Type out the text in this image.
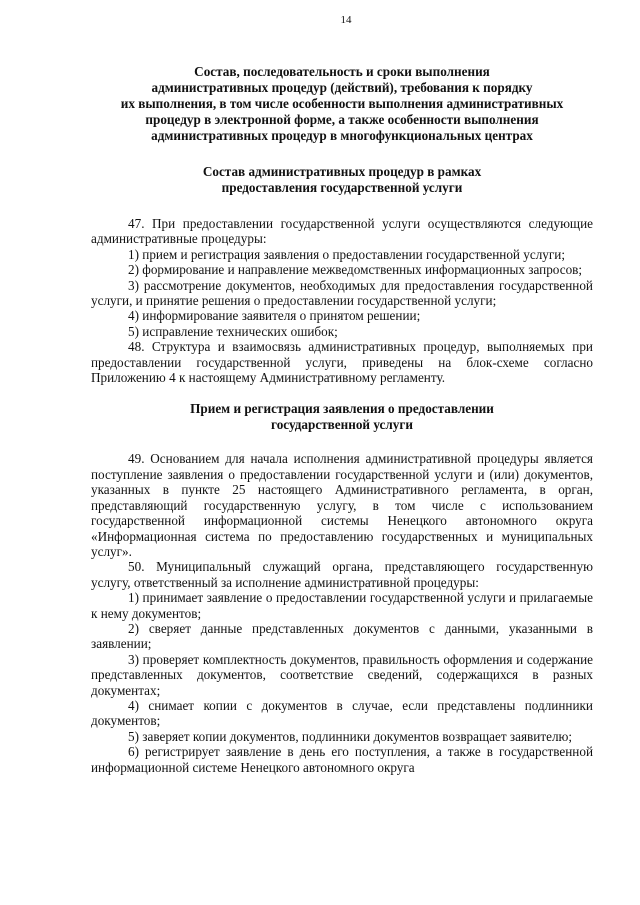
14
Состав, последовательность и сроки выполнения
административных процедур (действий), требования к порядку
их выполнения, в том числе особенности выполнения административных
процедур в электронной форме, а также особенности выполнения
административных процедур в многофункциональных центрах
Состав административных процедур в рамках
предоставления государственной услуги

47. При предоставлении государственной услуги осуществляются следующие административные процедуры:

1) прием и регистрация заявления о предоставлении государственной услуги;

2) формирование и направление межведомственных информационных запросов;

3) рассмотрение документов, необходимых для предоставления государственной услуги, и принятие решения о предоставлении государственной услуги;

4) информирование заявителя о принятом решении;

5) исправление технических ошибок;

48. Структура и взаимосвязь административных процедур, выполняемых при предоставлении государственной услуги, приведены на блок-схеме согласно Приложению 4 к настоящему Административному регламенту.

Прием и регистрация заявления о предоставлении
государственной услуги

49. Основанием для начала исполнения административной процедуры является поступление заявления о предоставлении государственной услуги и (или) документов, указанных в пункте 25 настоящего Административного регламента, в орган, представляющий государственную услугу, в том числе с использованием государственной информационной системы Ненецкого автономного округа «Информационная система по предоставлению государственных и муниципальных услуг».

50. Муниципальный служащий органа, представляющего государственную услугу, ответственный за исполнение административной процедуры:

1) принимает заявление о предоставлении государственной услуги и прилагаемые к нему документов;

2) сверяет данные представленных документов с данными, указанными в заявлении;

3) проверяет комплектность документов, правильность оформления и содержание представленных документов, соответствие сведений, содержащихся в разных документах;

4) снимает копии с документов в случае, если представлены подлинники документов;

5) заверяет копии документов, подлинники документов возвращает заявителю;

6) регистрирует заявление в день его поступления, а также в государственной информационной системе Ненецкого автономного округа
